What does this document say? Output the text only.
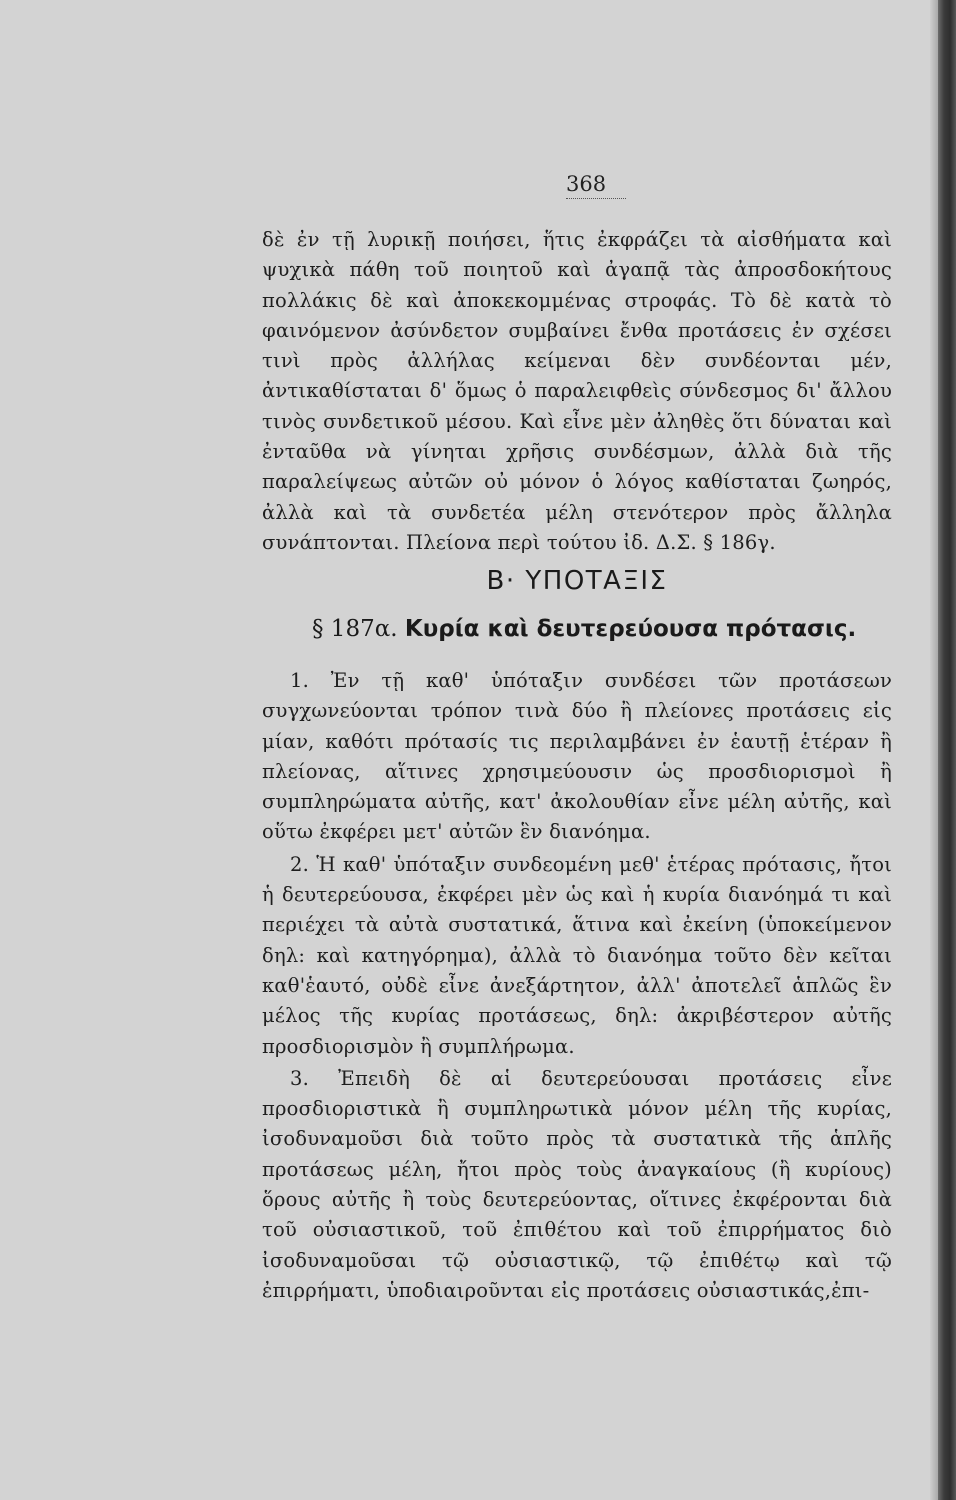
368

δὲ ἐν τῇ λυρικῇ ποιήσει, ἥτις ἐκφράζει τὰ αἰσθήματα καὶ ψυχικὰ πάθη τοῦ ποιητοῦ καὶ ἀγαπᾷ τὰς ἀπροσδοκήτους πολλάκις δὲ καὶ ἀποκεκομμένας στροφάς. Τὸ δὲ κατὰ τὸ φαινόμενον ἀσύνδετον συμβαίνει ἔνθα προτάσεις ἐν σχέσει τινὶ πρὸς ἀλλήλας κείμεναι δὲν συνδέονται μέν, ἀντικαθίσταται δ' ὅμως ὁ παραλειφθεὶς σύνδεσμος δι' ἄλλου τινὸς συνδετικοῦ μέσου. Καὶ εἶνε μὲν ἀληθὲς ὅτι δύναται καὶ ἐνταῦθα νὰ γίνηται χρῆσις συνδέσμων, ἀλλὰ διὰ τῆς παραλείψεως αὐτῶν οὐ μόνον ὁ λόγος καθίσταται ζωηρός, ἀλλὰ καὶ τὰ συνδετέα μέλη στενότερον πρὸς ἄλληλα συνάπτονται. Πλείονα περὶ τούτου ἰδ. Δ.Σ. § 186γ.

Β· ΥΠΟΤΑΞΙΣ
§ 187α. Κυρία καὶ δευτερεύουσα πρότασις.

1. Ἐν τῇ καθ' ὑπόταξιν συνδέσει τῶν προτάσεων συγχωνεύονται τρόπον τινὰ δύο ἢ πλείονες προτάσεις εἰς μίαν, καθότι πρότασίς τις περιλαμβάνει ἐν ἑαυτῇ ἑτέραν ἢ πλείονας, αἵτινες χρησιμεύουσιν ὡς προσδιορισμοὶ ἢ συμπληρώματα αὐτῆς, κατ' ἀκολουθίαν εἶνε μέλη αὐτῆς, καὶ οὕτω ἐκφέρει μετ' αὐτῶν ἓν διανόημα.

2. Ἡ καθ' ὑπόταξιν συνδεομένη μεθ' ἑτέρας πρότασις, ἤτοι ἡ δευτερεύουσα, ἐκφέρει μὲν ὡς καὶ ἡ κυρία διανόημά τι καὶ περιέχει τὰ αὐτὰ συστατικά, ἅτινα καὶ ἐκείνη (ὑποκείμενον δηλ: καὶ κατηγόρημα), ἀλλὰ τὸ διανόημα τοῦτο δὲν κεῖται καθ'ἑαυτό, οὐδὲ εἶνε ἀνεξάρτητον, ἀλλ' ἀποτελεῖ ἁπλῶς ἓν μέλος τῆς κυρίας προτάσεως, δηλ: ἀκριβέστερον αὐτῆς προσδιορισμὸν ἢ συμπλήρωμα.

3. Ἐπειδὴ δὲ αἱ δευτερεύουσαι προτάσεις εἶνε προσδιοριστικὰ ἢ συμπληρωτικὰ μόνον μέλη τῆς κυρίας, ἰσοδυναμοῦσι διὰ τοῦτο πρὸς τὰ συστατικὰ τῆς ἁπλῆς προτάσεως μέλη, ἤτοι πρὸς τοὺς ἀναγκαίους (ἢ κυρίους) ὅρους αὐτῆς ἢ τοὺς δευτερεύοντας, οἵτινες ἐκφέρονται διὰ τοῦ οὐσιαστικοῦ, τοῦ ἐπιθέτου καὶ τοῦ ἐπιρρήματος διὸ ἰσοδυναμοῦσαι τῷ οὐσιαστικῷ, τῷ ἐπιθέτῳ καὶ τῷ ἐπιρρήματι, ὑποδιαιροῦνται εἰς προτάσεις οὐσιαστικάς,ἐπι-
